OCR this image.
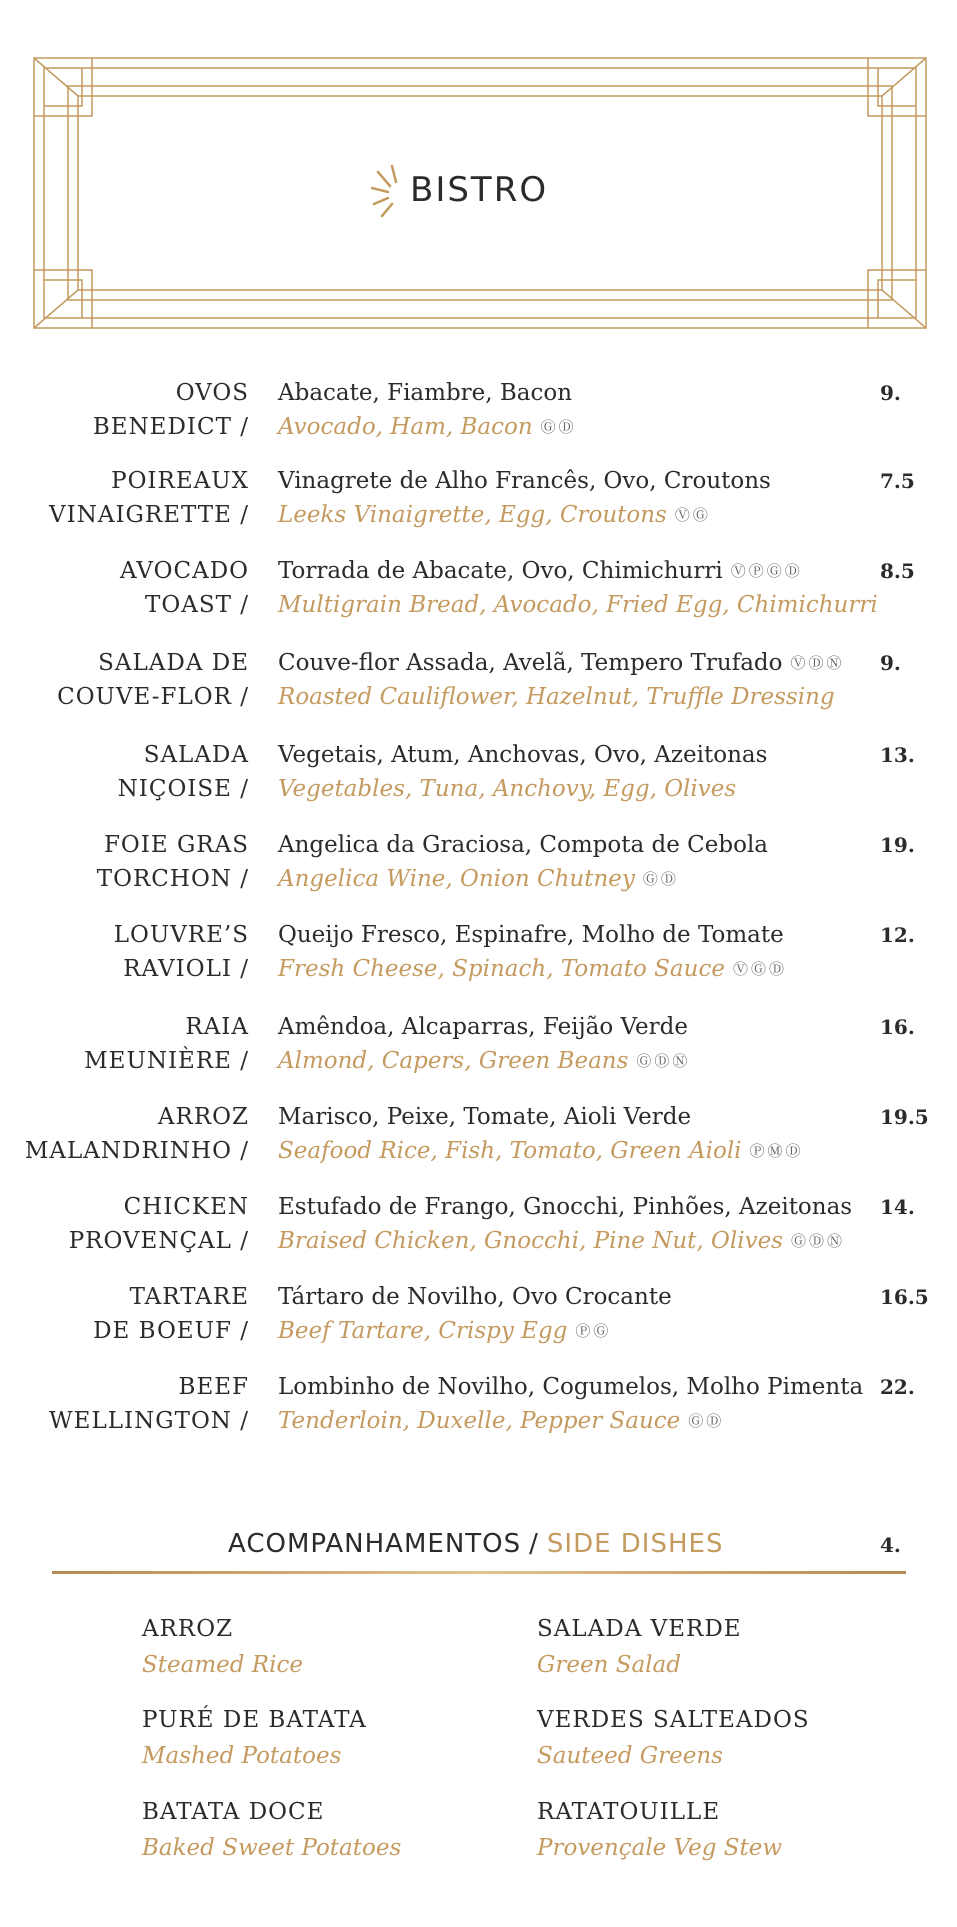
BISTRO
OVOS
BENEDICT /
Abacate, Fiambre, Bacon
Avocado, Ham, Bacon ⒼⒹ
9.
POIREAUX
VINAIGRETTE /
Vinagrete de Alho Francês, Ovo, Croutons
Leeks Vinaigrette, Egg, Croutons ⓋⒼ
7.5
AVOCADO
TOAST /
Torrada de Abacate, Ovo, Chimichurri ⓋⓅⒼⒹ
Multigrain Bread, Avocado, Fried Egg, Chimichurri
8.5
SALADA DE
COUVE-FLOR /
Couve-flor Assada, Avelã, Tempero Trufado ⓋⒹⓃ
Roasted Cauliflower, Hazelnut, Truffle Dressing
9.
SALADA
NIÇOISE /
Vegetais, Atum, Anchovas, Ovo, Azeitonas
Vegetables, Tuna, Anchovy, Egg, Olives
13.
FOIE GRAS
TORCHON /
Angelica da Graciosa, Compota de Cebola
Angelica Wine, Onion Chutney ⒼⒹ
19.
LOUVRE’S
RAVIOLI /
Queijo Fresco, Espinafre, Molho de Tomate
Fresh Cheese, Spinach, Tomato Sauce ⓋⒼⒹ
12.
RAIA
MEUNIÈRE /
Amêndoa, Alcaparras, Feijão Verde
Almond, Capers, Green Beans ⒼⒹⓃ
16.
ARROZ
MALANDRINHO /
Marisco, Peixe, Tomate, Aioli Verde
Seafood Rice, Fish, Tomato, Green Aioli ⓅⓂⒹ
19.5
CHICKEN
PROVENÇAL /
Estufado de Frango, Gnocchi, Pinhões, Azeitonas
Braised Chicken, Gnocchi, Pine Nut, Olives ⒼⒹⓃ
14.
TARTARE
DE BOEUF /
Tártaro de Novilho, Ovo Crocante
Beef Tartare, Crispy Egg ⓅⒼ
16.5
BEEF
WELLINGTON /
Lombinho de Novilho, Cogumelos, Molho Pimenta
Tenderloin, Duxelle, Pepper Sauce ⒼⒹ
22.
ACOMPANHAMENTOS / SIDE DISHES	4.
ARROZ
Steamed Rice
SALADA VERDE
Green Salad
PURÉ DE BATATA
Mashed Potatoes
VERDES SALTEADOS
Sauteed Greens
BATATA DOCE
Baked Sweet Potatoes
RATATOUILLE
Provençale Veg Stew
